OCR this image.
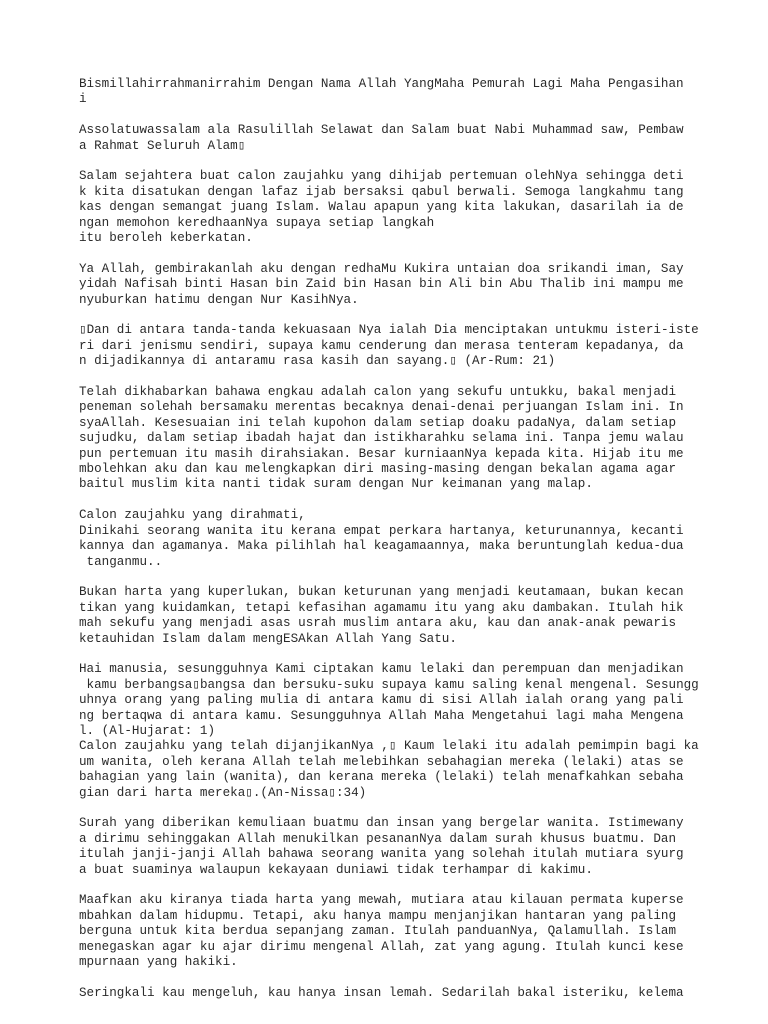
Bismillahirrahmanirrahim Dengan Nama Allah YangMaha Pemurah Lagi Maha Pengasihan
i

Assolatuwassalam ala Rasulillah Selawat dan Salam buat Nabi Muhammad saw, Pembaw
a Rahmat Seluruh Alam▯

Salam sejahtera buat calon zaujahku yang dihijab pertemuan olehNya sehingga deti
k kita disatukan dengan lafaz ijab bersaksi qabul berwali. Semoga langkahmu tang
kas dengan semangat juang Islam. Walau apapun yang kita lakukan, dasarilah ia de
ngan memohon keredhaanNya supaya setiap langkah
itu beroleh keberkatan.

Ya Allah, gembirakanlah aku dengan redhaMu Kukira untaian doa srikandi iman, Say
yidah Nafisah binti Hasan bin Zaid bin Hasan bin Ali bin Abu Thalib ini mampu me
nyuburkan hatimu dengan Nur KasihNya.

▯Dan di antara tanda-tanda kekuasaan Nya ialah Dia menciptakan untukmu isteri-iste
ri dari jenismu sendiri, supaya kamu cenderung dan merasa tenteram kepadanya, da
n dijadikannya di antaramu rasa kasih dan sayang.▯ (Ar-Rum: 21)

Telah dikhabarkan bahawa engkau adalah calon yang sekufu untukku, bakal menjadi
peneman solehah bersamaku merentas becaknya denai-denai perjuangan Islam ini. In
syaAllah. Kesesuaian ini telah kupohon dalam setiap doaku padaNya, dalam setiap
sujudku, dalam setiap ibadah hajat dan istikharahku selama ini. Tanpa jemu walau
pun pertemuan itu masih dirahsiakan. Besar kurniaanNya kepada kita. Hijab itu me
mbolehkan aku dan kau melengkapkan diri masing-masing dengan bekalan agama agar
baitul muslim kita nanti tidak suram dengan Nur keimanan yang malap.

Calon zaujahku yang dirahmati,
Dinikahi seorang wanita itu kerana empat perkara hartanya, keturunannya, kecanti
kannya dan agamanya. Maka pilihlah hal keagamaannya, maka beruntunglah kedua-dua
tanganmu..

Bukan harta yang kuperlukan, bukan keturunan yang menjadi keutamaan, bukan kecan
tikan yang kuidamkan, tetapi kefasihan agamamu itu yang aku dambakan. Itulah hik
mah sekufu yang menjadi asas usrah muslim antara aku, kau dan anak-anak pewaris
ketauhidan Islam dalam mengESAkan Allah Yang Satu.

Hai manusia, sesungguhnya Kami ciptakan kamu lelaki dan perempuan dan menjadikan
kamu berbangsa▯bangsa dan bersuku-suku supaya kamu saling kenal mengenal. Sesungg
uhnya orang yang paling mulia di antara kamu di sisi Allah ialah orang yang pali
ng bertaqwa di antara kamu. Sesungguhnya Allah Maha Mengetahui lagi maha Mengena
l. (Al-Hujarat: 1)
Calon zaujahku yang telah dijanjikanNya ,▯ Kaum lelaki itu adalah pemimpin bagi ka
um wanita, oleh kerana Allah telah melebihkan sebahagian mereka (lelaki) atas se
bahagian yang lain (wanita), dan kerana mereka (lelaki) telah menafkahkan sebaha
gian dari harta mereka▯.(An-Nissa▯:34)

Surah yang diberikan kemuliaan buatmu dan insan yang bergelar wanita. Istimewany
a dirimu sehinggakan Allah menukilkan pesananNya dalam surah khusus buatmu. Dan
itulah janji-janji Allah bahawa seorang wanita yang solehah itulah mutiara syurg
a buat suaminya walaupun kekayaan duniawi tidak terhampar di kakimu.

Maafkan aku kiranya tiada harta yang mewah, mutiara atau kilauan permata kuperse
mbahkan dalam hidupmu. Tetapi, aku hanya mampu menjanjikan hantaran yang paling
berguna untuk kita berdua sepanjang zaman. Itulah panduanNya, Qalamullah. Islam
menegaskan agar ku ajar dirimu mengenal Allah, zat yang agung. Itulah kunci kese
mpurnaan yang hakiki.

Seringkali kau mengeluh, kau hanya insan lemah. Sedarilah bakal isteriku, kelema
